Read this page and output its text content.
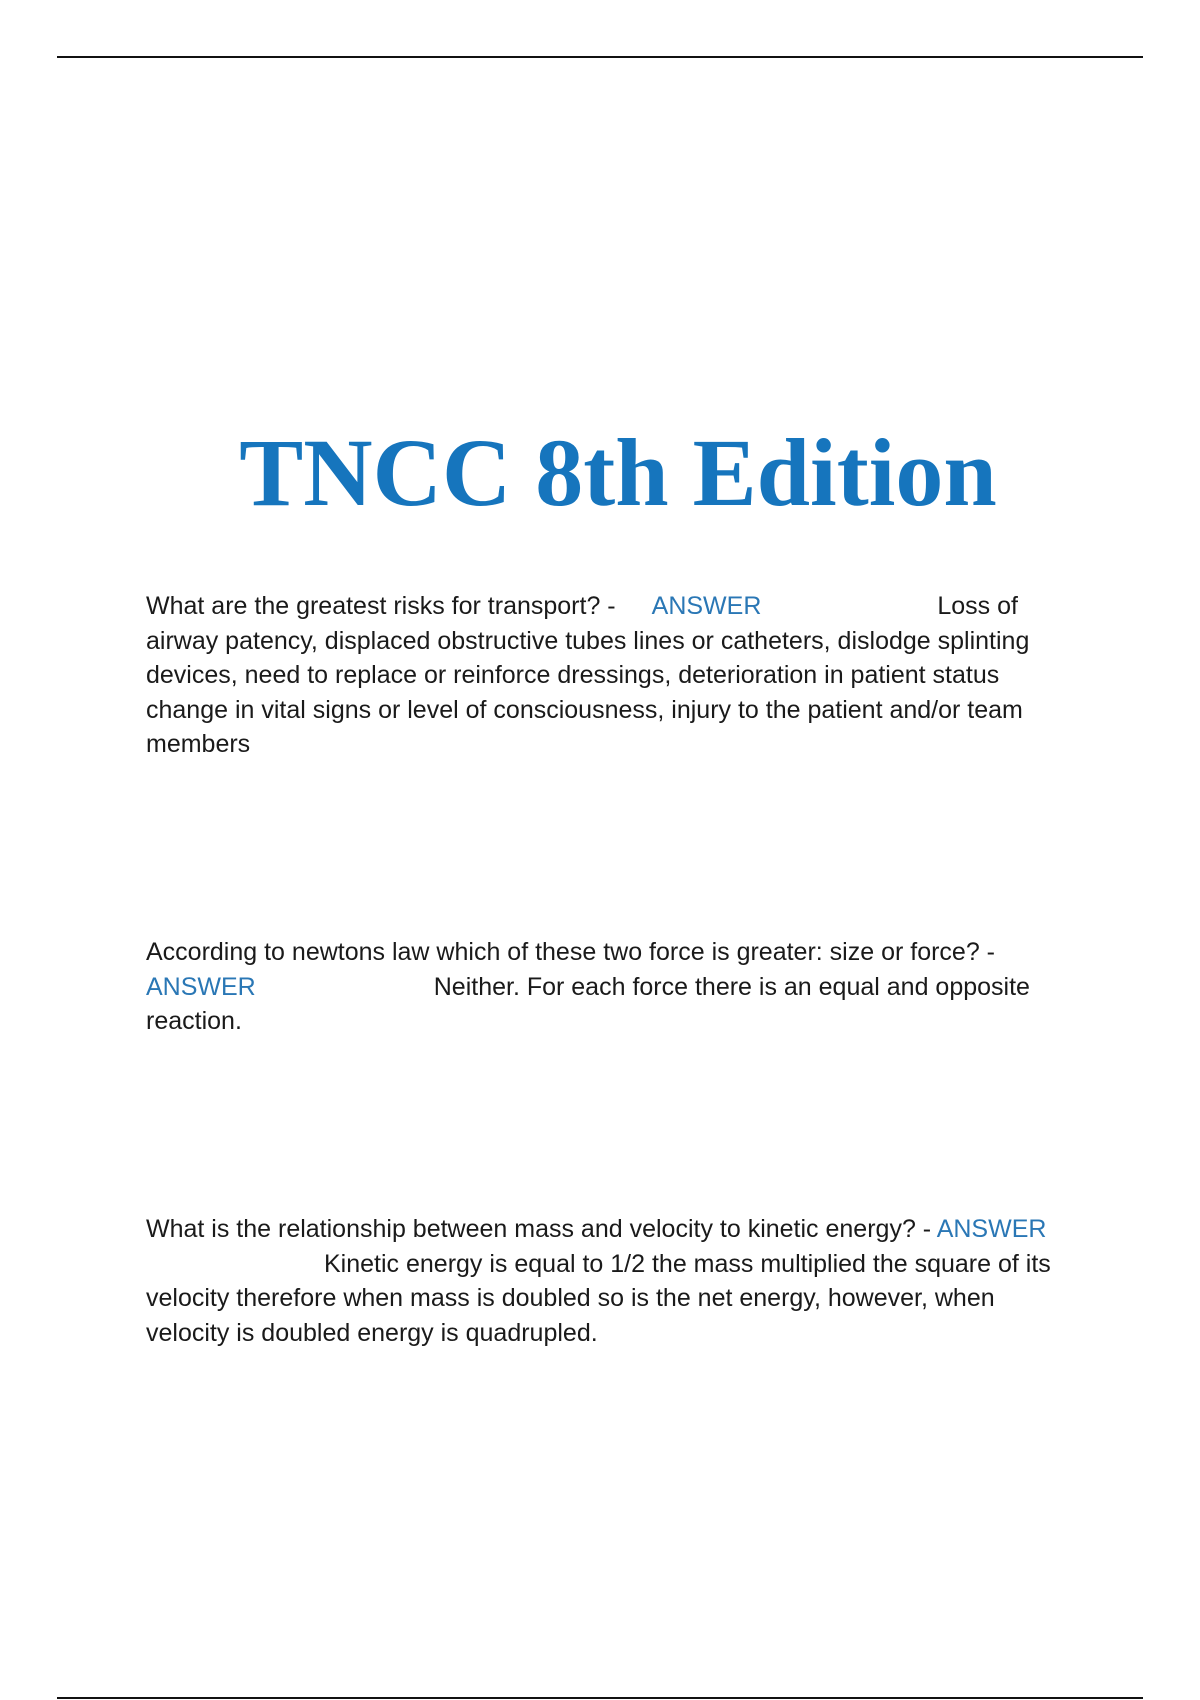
TNCC 8th Edition

What are the greatest risks for transport? - ANSWER	Loss of airway patency, displaced obstructive tubes lines or catheters, dislodge splinting devices, need to replace or reinforce dressings, deterioration in patient status change in vital signs or level of consciousness, injury to the patient and/or team members

According to newtons law which of these two force is greater: size or force? - ANSWER	Neither. For each force there is an equal and opposite reaction.

What is the relationship between mass and velocity to kinetic energy? - ANSWERKinetic energy is equal to 1/2 the mass multiplied the square of its velocity therefore when mass is doubled so is the net energy, however, when velocity is doubled energy is quadrupled.
